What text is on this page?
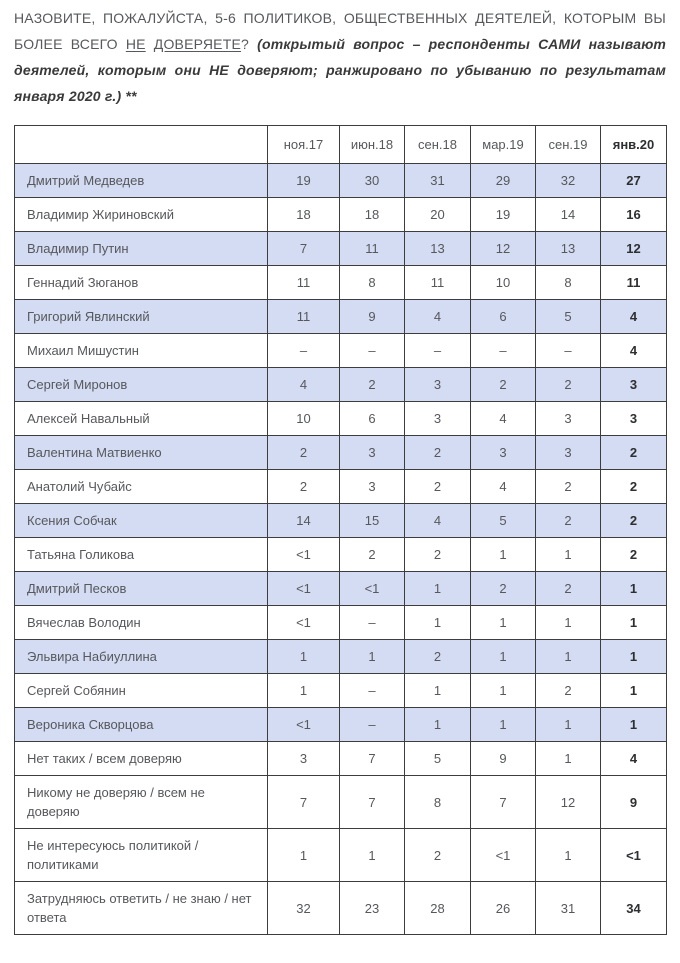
НАЗОВИТЕ, ПОЖАЛУЙСТА, 5-6 ПОЛИТИКОВ, ОБЩЕСТВЕННЫХ ДЕЯТЕЛЕЙ, КОТОРЫМ ВЫ БОЛЕЕ ВСЕГО НЕ ДОВЕРЯЕТЕ? (открытый вопрос – респонденты САМИ называют деятелей, которым они НЕ доверяют; ранжировано по убыванию по результатам января 2020 г.) **

	ноя.17	июн.18	сен.18	мар.19	сен.19	янв.20
Дмитрий Медведев	19	30	31	29	32	27
Владимир Жириновский	18	18	20	19	14	16
Владимир Путин	7	11	13	12	13	12
Геннадий Зюганов	11	8	11	10	8	11
Григорий Явлинский	11	9	4	6	5	4
Михаил Мишустин	–	–	–	–	–	4
Сергей Миронов	4	2	3	2	2	3
Алексей Навальный	10	6	3	4	3	3
Валентина Матвиенко	2	3	2	3	3	2
Анатолий Чубайс	2	3	2	4	2	2
Ксения Собчак	14	15	4	5	2	2
Татьяна Голикова	<1	2	2	1	1	2
Дмитрий Песков	<1	<1	1	2	2	1
Вячеслав Володин	<1	–	1	1	1	1
Эльвира Набиуллина	1	1	2	1	1	1
Сергей Собянин	1	–	1	1	2	1
Вероника Скворцова	<1	–	1	1	1	1
Нет таких / всем доверяю	3	7	5	9	1	4
Никому не доверяю / всем не доверяю	7	7	8	7	12	9
Не интересуюсь политикой / политиками	1	1	2	<1	1	<1
Затрудняюсь ответить / не знаю / нет ответа	32	23	28	26	31	34
